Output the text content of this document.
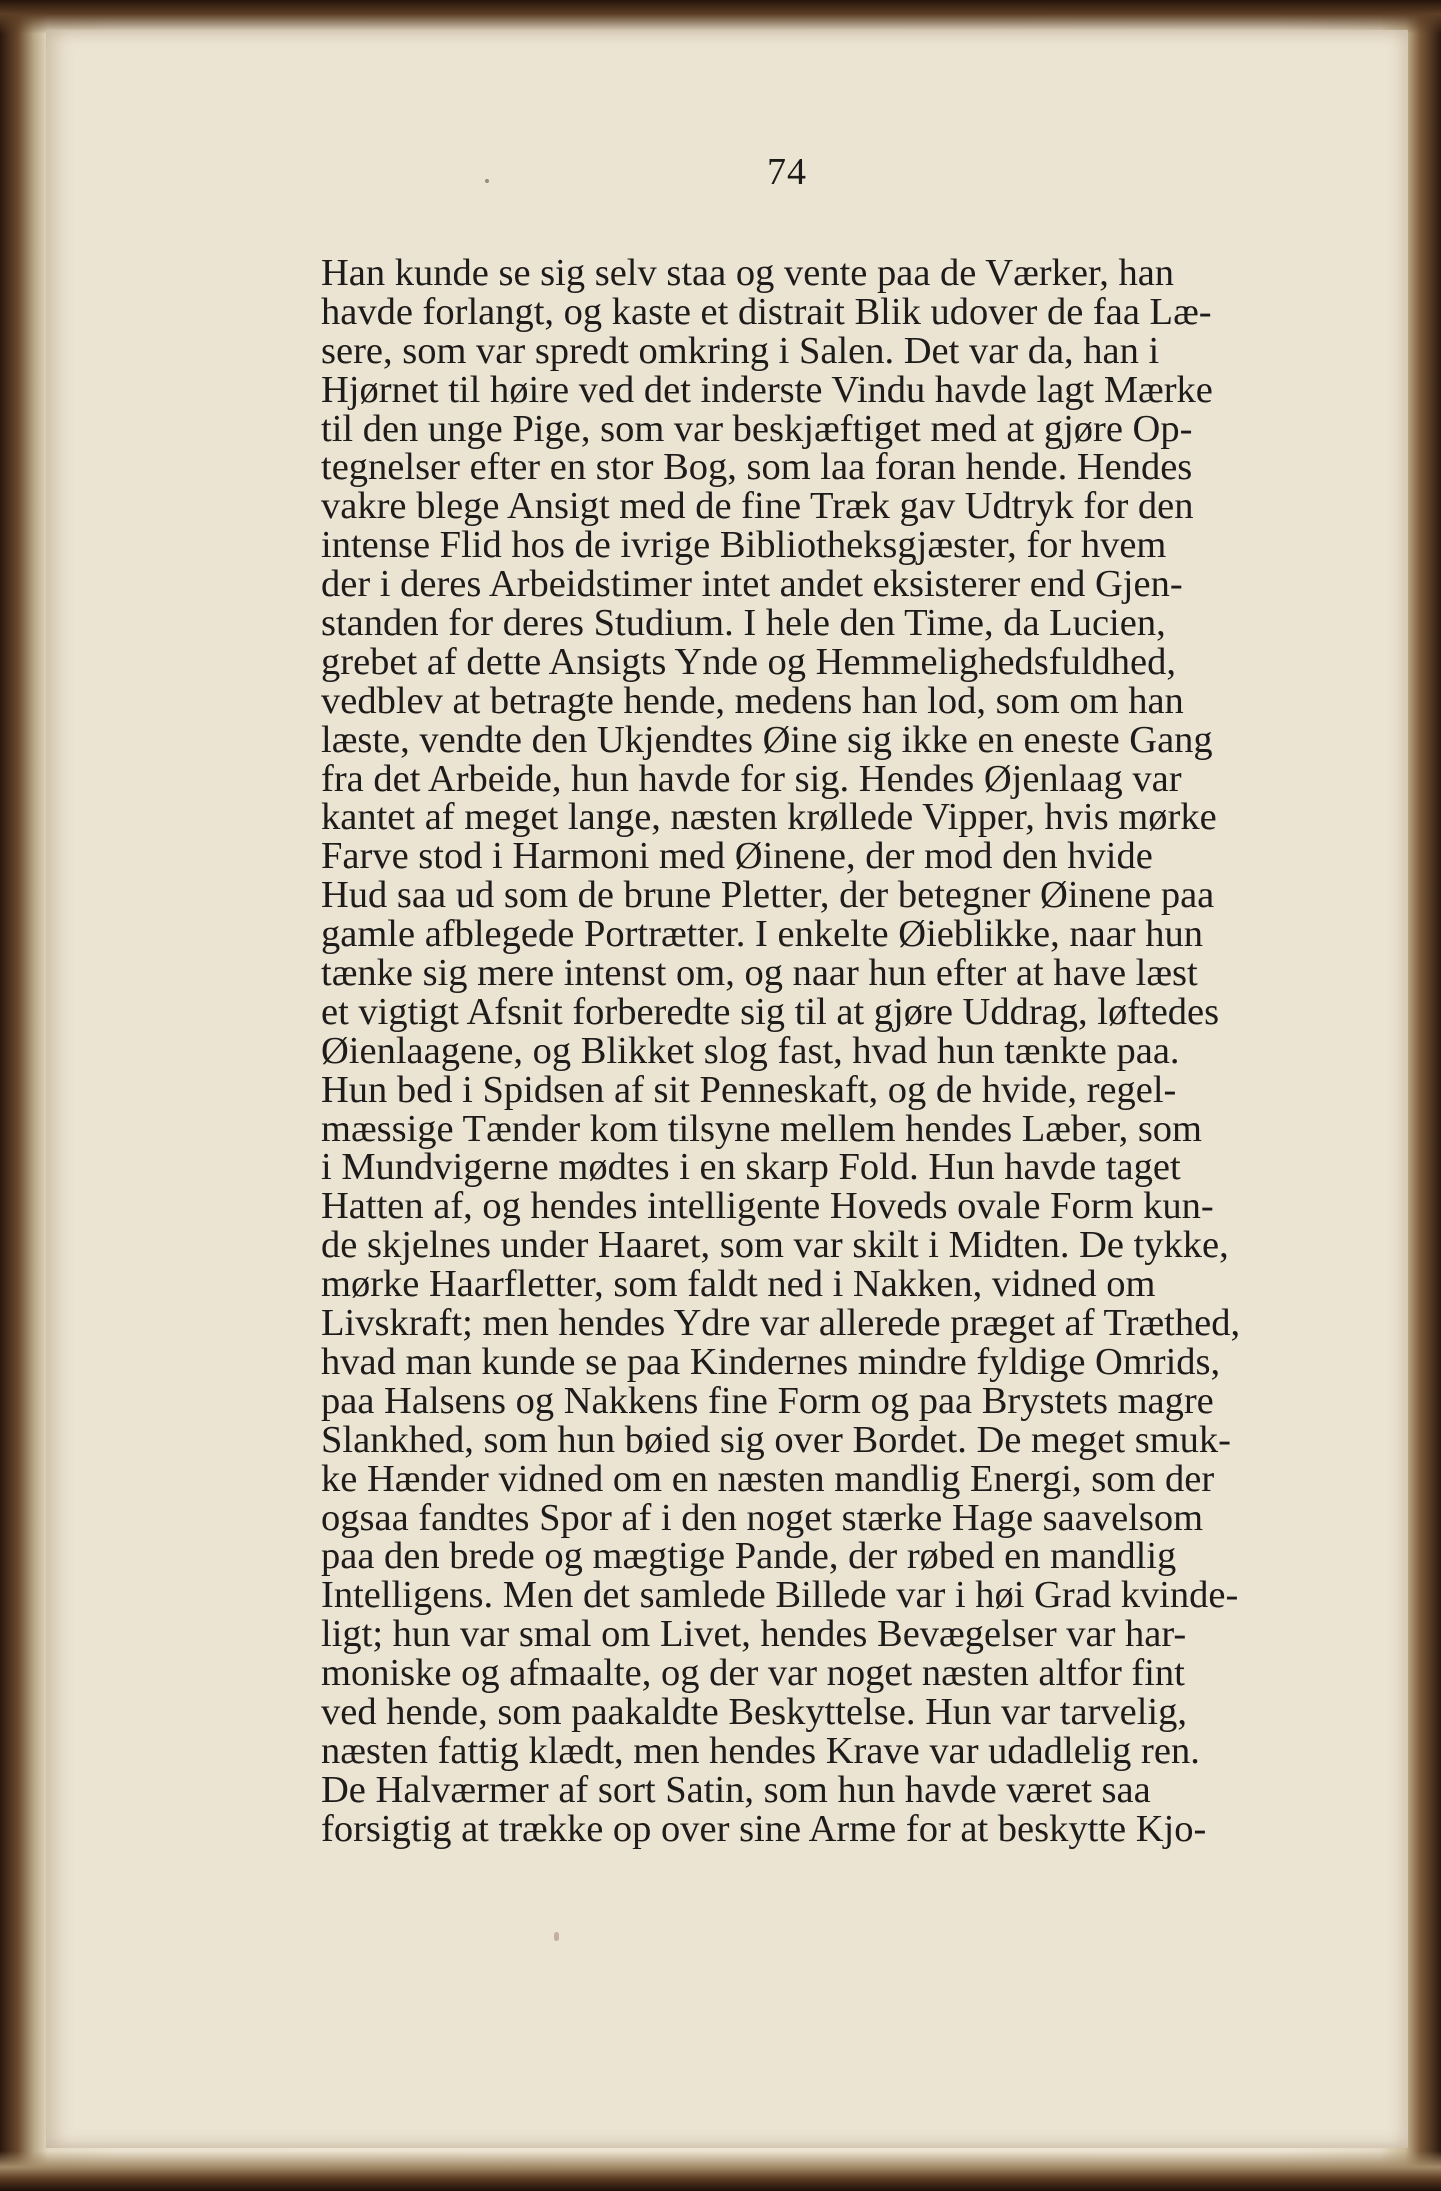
74
Han kunde se sig selv staa og vente paa de Værker, han
havde forlangt, og kaste et distrait Blik udover de faa Læ-
sere, som var spredt omkring i Salen. Det var da, han i
Hjørnet til høire ved det inderste Vindu havde lagt Mærke
til den unge Pige, som var beskjæftiget med at gjøre Op-
tegnelser efter en stor Bog, som laa foran hende. Hendes
vakre blege Ansigt med de fine Træk gav Udtryk for den
intense Flid hos de ivrige Bibliotheksgjæster, for hvem
der i deres Arbeidstimer intet andet eksisterer end Gjen-
standen for deres Studium. I hele den Time, da Lucien,
grebet af dette Ansigts Ynde og Hemmelighedsfuldhed,
vedblev at betragte hende, medens han lod, som om han
læste, vendte den Ukjendtes Øine sig ikke en eneste Gang
fra det Arbeide, hun havde for sig. Hendes Øjenlaag var
kantet af meget lange, næsten krøllede Vipper, hvis mørke
Farve stod i Harmoni med Øinene, der mod den hvide
Hud saa ud som de brune Pletter, der betegner Øinene paa
gamle afblegede Portrætter. I enkelte Øieblikke, naar hun
tænke sig mere intenst om, og naar hun efter at have læst
et vigtigt Afsnit forberedte sig til at gjøre Uddrag, løftedes
Øienlaagene, og Blikket slog fast, hvad hun tænkte paa.
Hun bed i Spidsen af sit Penneskaft, og de hvide, regel-
mæssige Tænder kom tilsyne mellem hendes Læber, som
i Mundvigerne mødtes i en skarp Fold. Hun havde taget
Hatten af, og hendes intelligente Hoveds ovale Form kun-
de skjelnes under Haaret, som var skilt i Midten. De tykke,
mørke Haarfletter, som faldt ned i Nakken, vidned om
Livskraft; men hendes Ydre var allerede præget af Træthed,
hvad man kunde se paa Kindernes mindre fyldige Omrids,
paa Halsens og Nakkens fine Form og paa Brystets magre
Slankhed, som hun bøied sig over Bordet. De meget smuk-
ke Hænder vidned om en næsten mandlig Energi, som der
ogsaa fandtes Spor af i den noget stærke Hage saavelsom
paa den brede og mægtige Pande, der røbed en mandlig
Intelligens. Men det samlede Billede var i høi Grad kvinde-
ligt; hun var smal om Livet, hendes Bevægelser var har-
moniske og afmaalte, og der var noget næsten altfor fint
ved hende, som paakaldte Beskyttelse. Hun var tarvelig,
næsten fattig klædt, men hendes Krave var udadlelig ren.
De Halværmer af sort Satin, som hun havde været saa
forsigtig at trække op over sine Arme for at beskytte Kjo-
